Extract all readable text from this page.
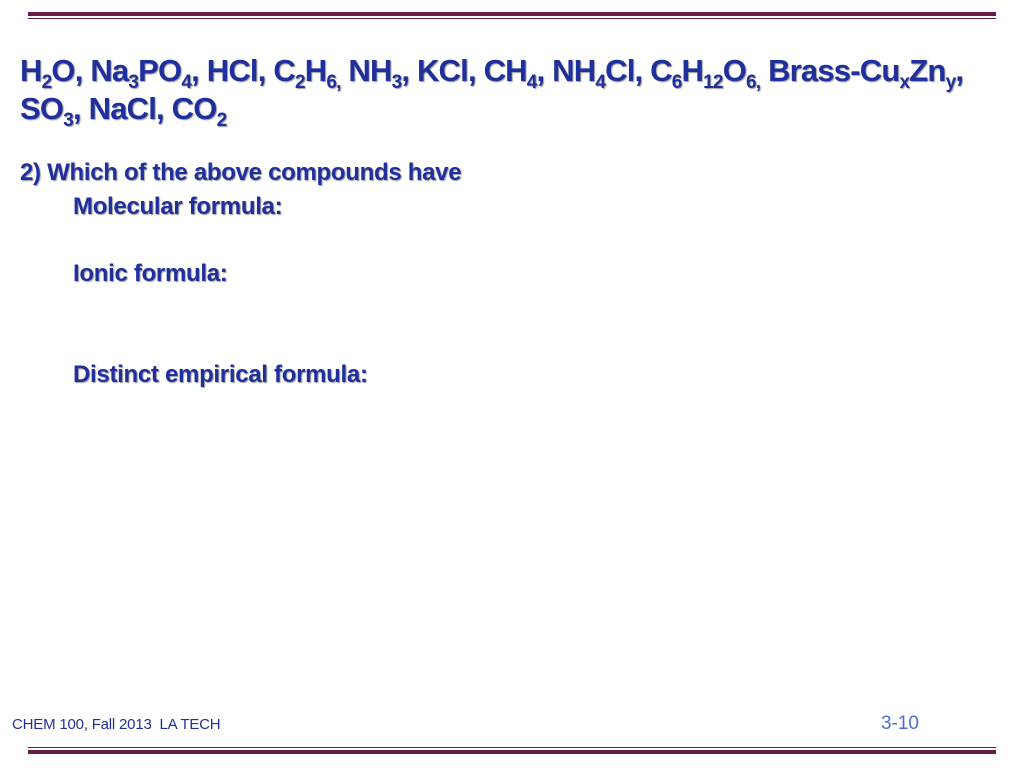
$H_2O$, $Na_3PO_4$, HCl, $C_2H_{6,}$ $NH_3$, KCl, $CH_4$, $NH_4Cl$, $C_6H_{12}O_{6,}$ Brass-$Cu_xZn_y$, $SO_3$, NaCl, $CO_2$
2) Which of the above compounds have
Molecular formula:
Ionic formula:
Distinct empirical formula:
CHEM 100, Fall 2013  LA TECH	3-10
